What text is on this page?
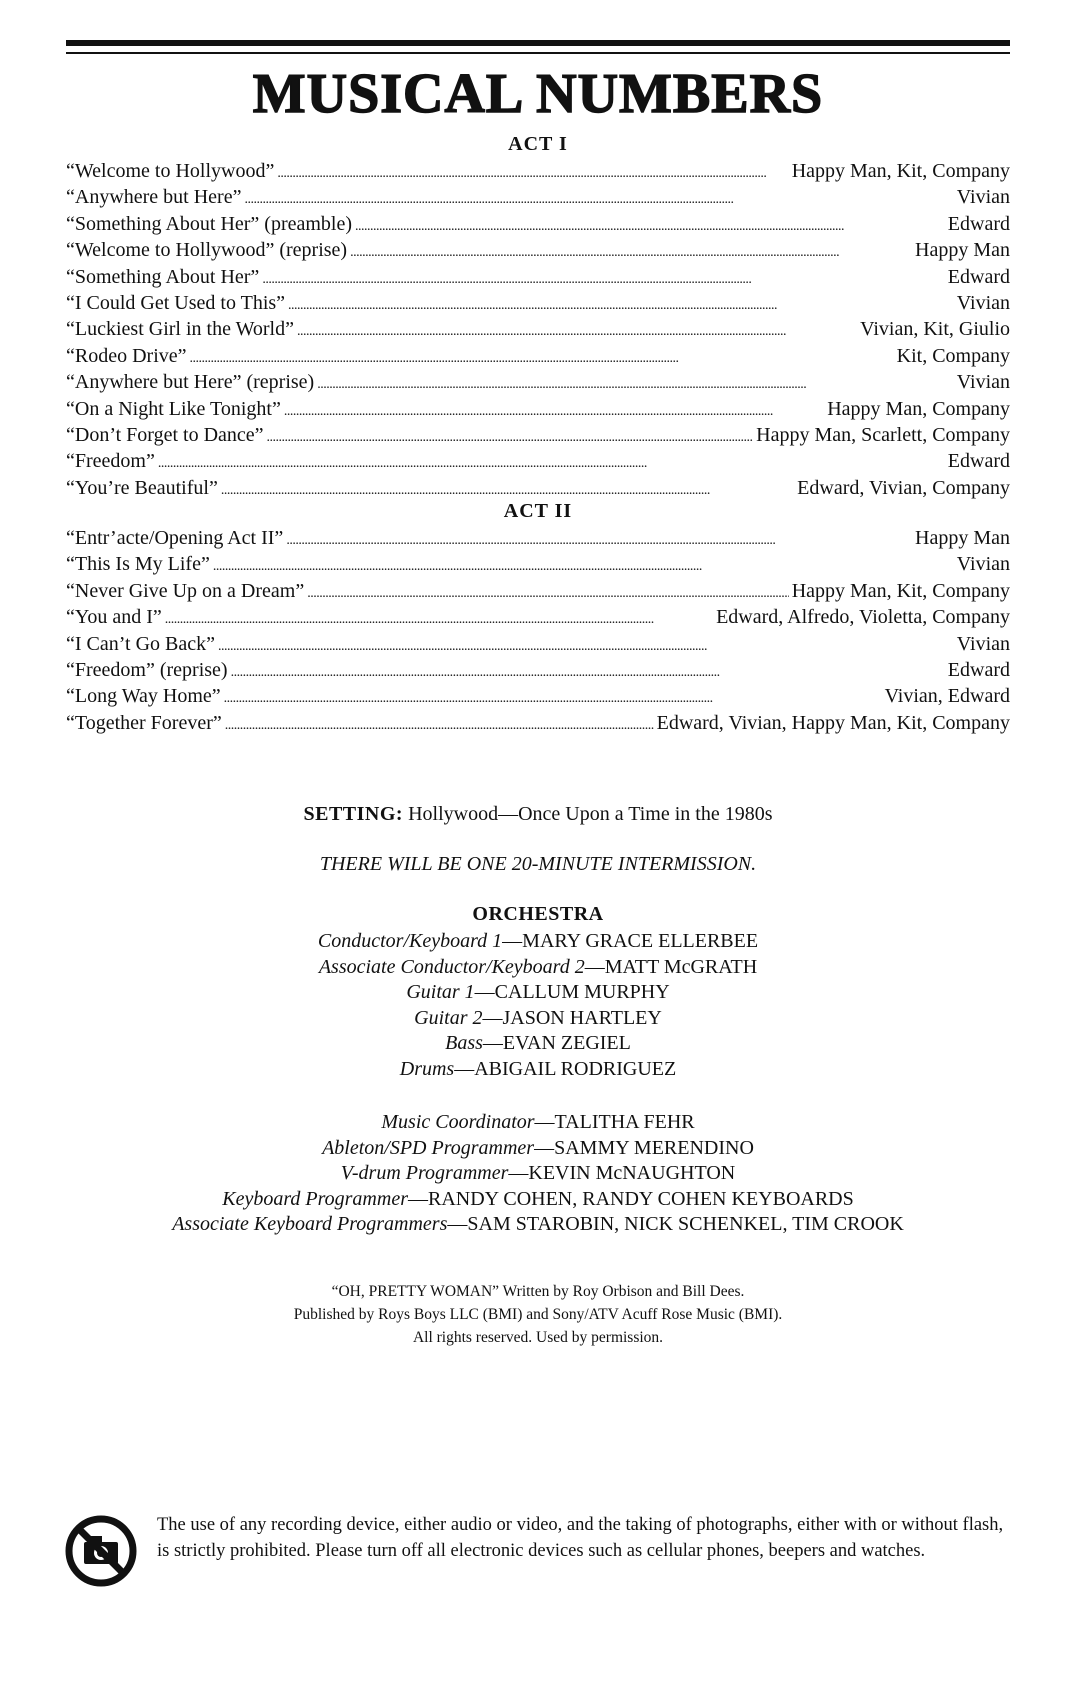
MUSICAL NUMBERS
ACT I
“Welcome to Hollywood” . . .	Happy Man, Kit, Company
“Anywhere but Here” . . .	Vivian
“Something About Her” (preamble) . . .	Edward
“Welcome to Hollywood” (reprise) . . .	Happy Man
“Something About Her” . . .	Edward
“I Could Get Used to This” . . .	Vivian
“Luckiest Girl in the World” . . .	Vivian, Kit, Giulio
“Rodeo Drive” . . .	Kit, Company
“Anywhere but Here” (reprise) . . .	Vivian
“On a Night Like Tonight” . . .	Happy Man, Company
“Don’t Forget to Dance” . . .	Happy Man, Scarlett, Company
“Freedom” . . .	Edward
“You’re Beautiful” . . .	Edward, Vivian, Company
ACT II
“Entr’acte/Opening Act II” . . .	Happy Man
“This Is My Life” . . .	Vivian
“Never Give Up on a Dream” . . .	Happy Man, Kit, Company
“You and I” . . .	Edward, Alfredo, Violetta, Company
“I Can’t Go Back” . . .	Vivian
“Freedom” (reprise) . . .	Edward
“Long Way Home” . . .	Vivian, Edward
“Together Forever” . . .	Edward, Vivian, Happy Man, Kit, Company
SETTING: Hollywood—Once Upon a Time in the 1980s
THERE WILL BE ONE 20-MINUTE INTERMISSION.
ORCHESTRA
Conductor/Keyboard 1—MARY GRACE ELLERBEE
Associate Conductor/Keyboard 2—MATT McGRATH
Guitar 1—CALLUM MURPHY
Guitar 2—JASON HARTLEY
Bass—EVAN ZEGIEL
Drums—ABIGAIL RODRIGUEZ
Music Coordinator—TALITHA FEHR
Ableton/SPD Programmer—SAMMY MERENDINO
V-drum Programmer—KEVIN McNAUGHTON
Keyboard Programmer—RANDY COHEN, RANDY COHEN KEYBOARDS
Associate Keyboard Programmers—SAM STAROBIN, NICK SCHENKEL, TIM CROOK
“OH, PRETTY WOMAN” Written by Roy Orbison and Bill Dees.
Published by Roys Boys LLC (BMI) and Sony/ATV Acuff Rose Music (BMI).
All rights reserved. Used by permission.
The use of any recording device, either audio or video, and the taking of photographs, either with or without flash, is strictly prohibited. Please turn off all electronic devices such as cellular phones, beepers and watches.
